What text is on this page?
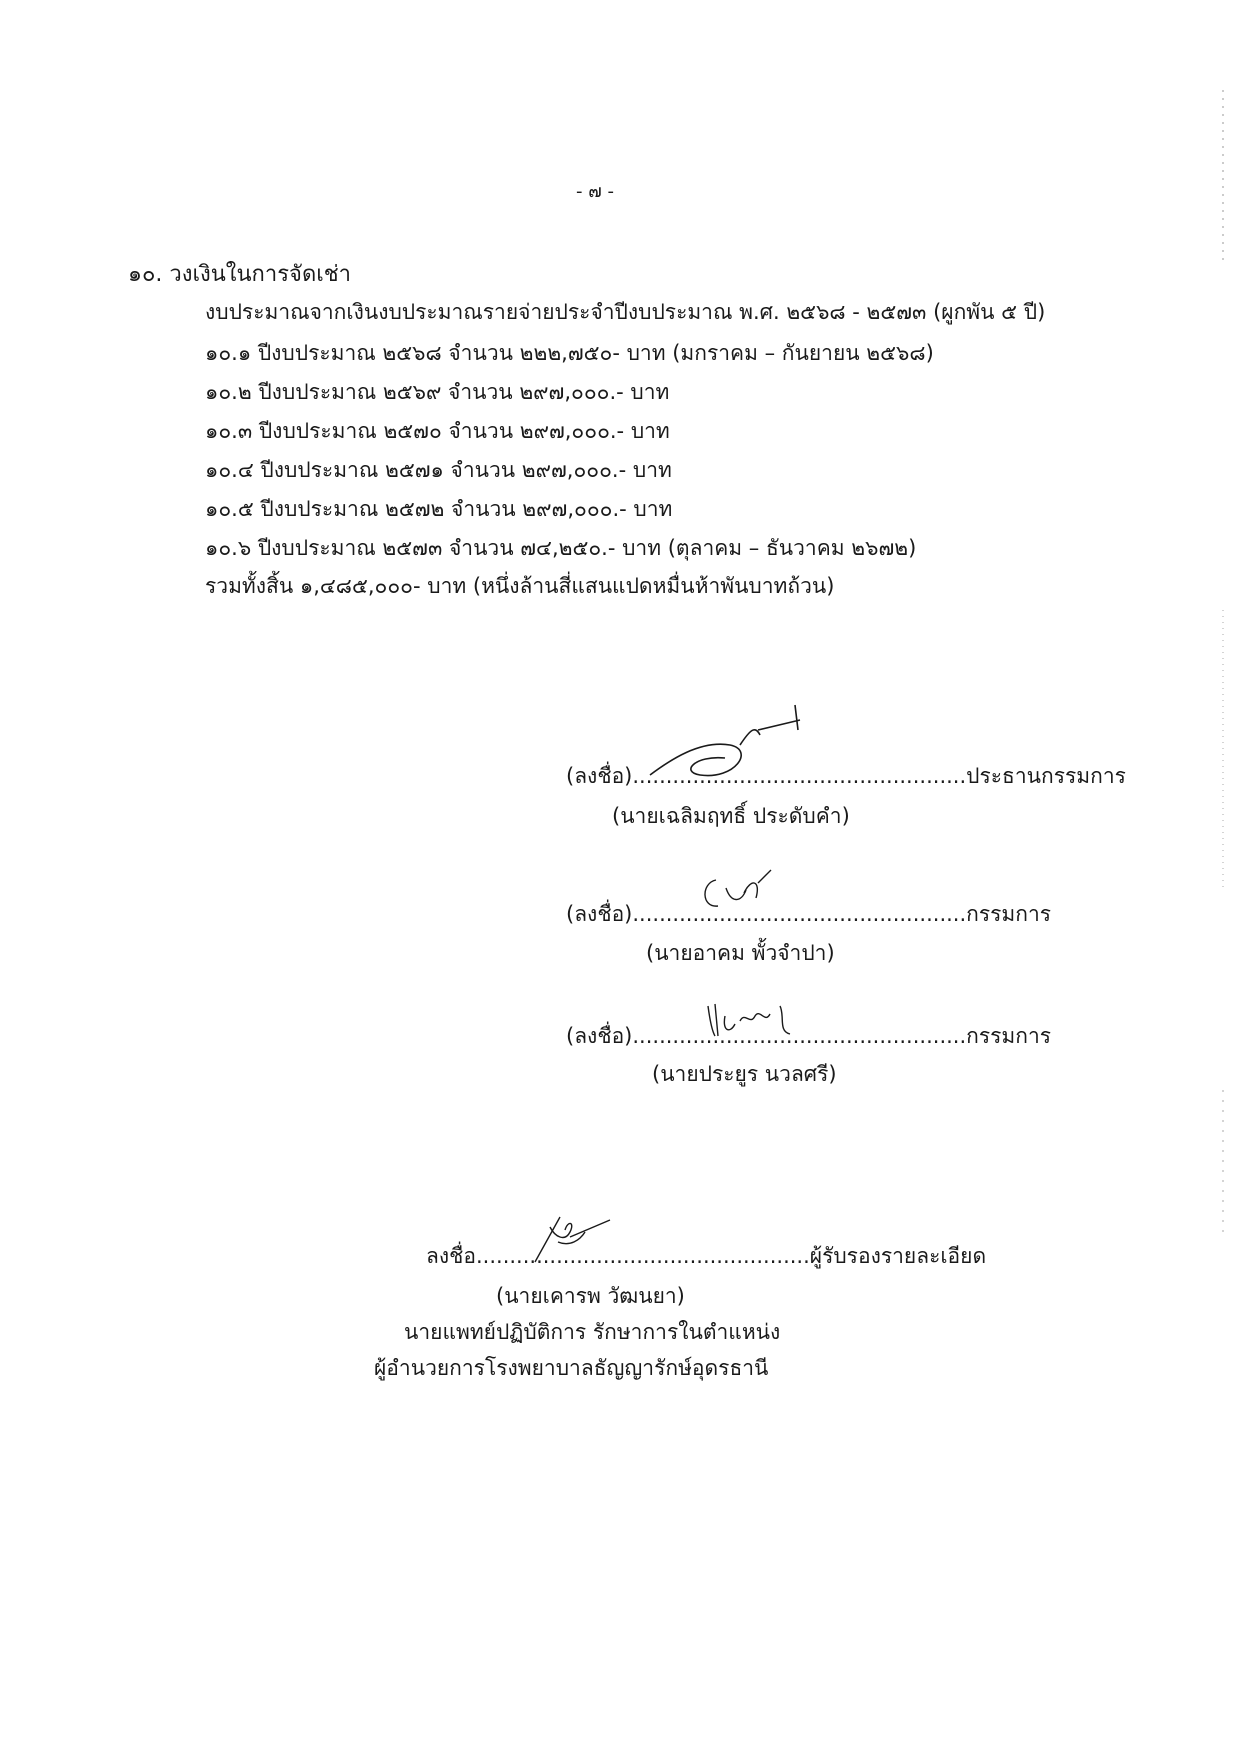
- ๗ -
๑๐. วงเงินในการจัดเช่า
งบประมาณจากเงินงบประมาณรายจ่ายประจำปีงบประมาณ พ.ศ. ๒๕๖๘ - ๒๕๗๓ (ผูกพัน ๕ ปี)
๑๐.๑ ปีงบประมาณ ๒๕๖๘ จำนวน ๒๒๒,๗๕๐- บาท (มกราคม – กันยายน ๒๕๖๘)
๑๐.๒ ปีงบประมาณ ๒๕๖๙ จำนวน ๒๙๗,๐๐๐.- บาท
๑๐.๓ ปีงบประมาณ ๒๕๗๐ จำนวน ๒๙๗,๐๐๐.- บาท
๑๐.๔ ปีงบประมาณ ๒๕๗๑ จำนวน ๒๙๗,๐๐๐.- บาท
๑๐.๕ ปีงบประมาณ ๒๕๗๒ จำนวน ๒๙๗,๐๐๐.- บาท
๑๐.๖ ปีงบประมาณ ๒๕๗๓ จำนวน ๗๔,๒๕๐.- บาท (ตุลาคม – ธันวาคม ๒๖๗๒)
รวมทั้งสิ้น ๑,๔๘๕,๐๐๐- บาท (หนึ่งล้านสี่แสนแปดหมื่นห้าพันบาทถ้วน)
(ลงชื่อ)..................................................ประธานกรรมการ
(นายเฉลิมฤทธิ์ ประดับคำ)
(ลงชื่อ)..................................................กรรมการ
(นายอาคม พั้วจำปา)
(ลงชื่อ)..................................................กรรมการ
(นายประยูร นวลศรี)
ลงชื่อ..................................................ผู้รับรองรายละเอียด
(นายเคารพ วัฒนยา)
นายแพทย์ปฏิบัติการ รักษาการในตำแหน่ง
ผู้อำนวยการโรงพยาบาลธัญญารักษ์อุดรธานี
